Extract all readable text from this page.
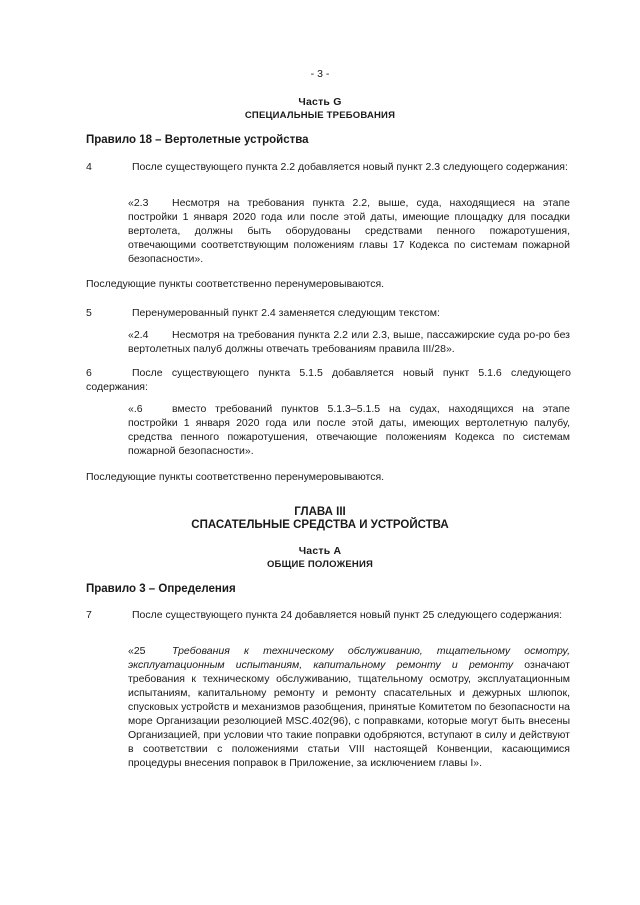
- 3 -
Часть G
СПЕЦИАЛЬНЫЕ ТРЕБОВАНИЯ
Правило 18 – Вертолетные устройства
4	После существующего пункта 2.2 добавляется новый пункт 2.3 следующего содержания:
«2.3 Несмотря на требования пункта 2.2, выше, суда, находящиеся на этапе постройки 1 января 2020 года или после этой даты, имеющие площадку для посадки вертолета, должны быть оборудованы средствами пенного пожаротушения, отвечающими соответствующим положениям главы 17 Кодекса по системам пожарной безопасности».
Последующие пункты соответственно перенумеровываются.
5	Перенумерованный пункт 2.4 заменяется следующим текстом:
«2.4 Несмотря на требования пункта 2.2 или 2.3, выше, пассажирские суда ро-ро без вертолетных палуб должны отвечать требованиям правила III/28».
6	После существующего пункта 5.1.5 добавляется новый пункт 5.1.6 следующего содержания:
«.6	вместо требований пунктов 5.1.3–5.1.5 на судах, находящихся на этапе постройки 1 января 2020 года или после этой даты, имеющих вертолетную палубу, средства пенного пожаротушения, отвечающие положениям Кодекса по системам пожарной безопасности».
Последующие пункты соответственно перенумеровываются.
ГЛАВА III
СПАСАТЕЛЬНЫЕ СРЕДСТВА И УСТРОЙСТВА
Часть A
ОБЩИЕ ПОЛОЖЕНИЯ
Правило 3 – Определения
7	После существующего пункта 24 добавляется новый пункт 25 следующего содержания:
«25	Требования к техническому обслуживанию, тщательному осмотру, эксплуатационным испытаниям, капитальному ремонту и ремонту означают требования к техническому обслуживанию, тщательному осмотру, эксплуатационным испытаниям, капитальному ремонту и ремонту спасательных и дежурных шлюпок, спусковых устройств и механизмов разобщения, принятые Комитетом по безопасности на море Организации резолюцией MSC.402(96), с поправками, которые могут быть внесены Организацией, при условии что такие поправки одобряются, вступают в силу и действуют в соответствии с положениями статьи VIII настоящей Конвенции, касающимися процедуры внесения поправок в Приложение, за исключением главы I».
